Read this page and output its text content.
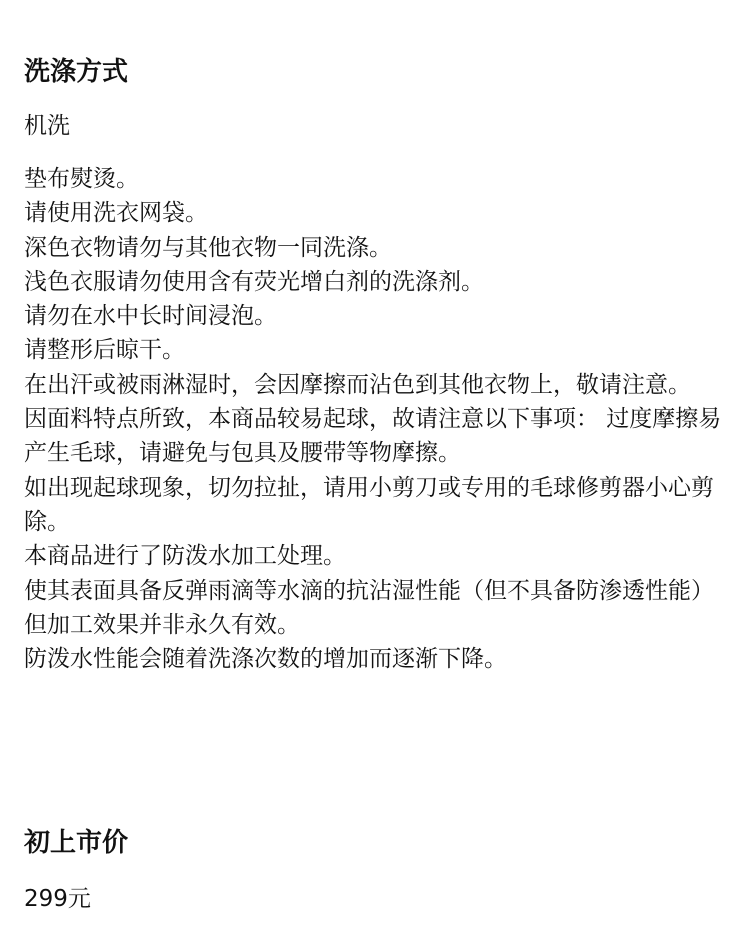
洗涤方式

机洗

垫布熨烫。
请使用洗衣网袋。
深色衣物请勿与其他衣物一同洗涤。
浅色衣服请勿使用含有荧光增白剂的洗涤剂。
请勿在水中长时间浸泡。
请整形后晾干。
在出汗或被雨淋湿时，会因摩擦而沾色到其他衣物上，敬请注意。
因面料特点所致，本商品较易起球，故请注意以下事项： 过度摩擦易产生毛球，请避免与包具及腰带等物摩擦。
如出现起球现象，切勿拉扯，请用小剪刀或专用的毛球修剪器小心剪除。
本商品进行了防泼水加工处理。
使其表面具备反弹雨滴等水滴的抗沾湿性能（但不具备防渗透性能）但加工效果并非永久有效。
防泼水性能会随着洗涤次数的增加而逐渐下降。
初上市价

299元
